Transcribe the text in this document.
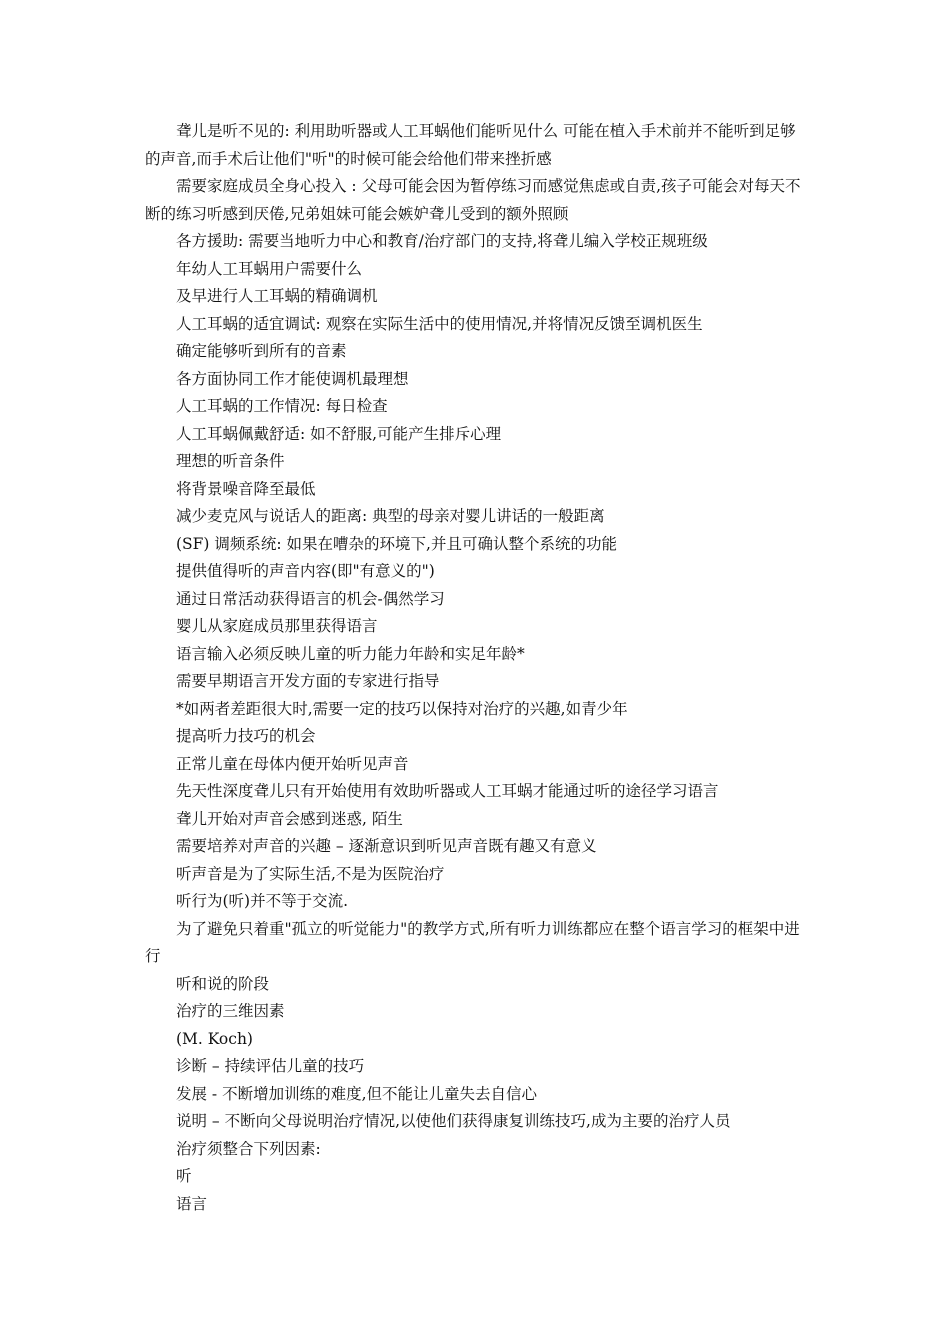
聋儿是听不见的: 利用助听器或人工耳蜗他们能听见什么 可能在植入手术前并不能听到足够的声音,而手术后让他们"听"的时候可能会给他们带来挫折感

需要家庭成员全身心投入 : 父母可能会因为暂停练习而感觉焦虑或自责,孩子可能会对每天不断的练习听感到厌倦,兄弟姐妹可能会嫉妒聋儿受到的额外照顾

各方援助: 需要当地听力中心和教育/治疗部门的支持,将聋儿编入学校正规班级

年幼人工耳蜗用户需要什么

及早进行人工耳蜗的精确调机

人工耳蜗的适宜调试: 观察在实际生活中的使用情况,并将情况反馈至调机医生

确定能够听到所有的音素

各方面协同工作才能使调机最理想

人工耳蜗的工作情况: 每日检查

人工耳蜗佩戴舒适: 如不舒服,可能产生排斥心理

理想的听音条件

将背景噪音降至最低

减少麦克风与说话人的距离: 典型的母亲对婴儿讲话的一般距离

(SF) 调频系统: 如果在嘈杂的环境下,并且可确认整个系统的功能

提供值得听的声音内容(即"有意义的")

通过日常活动获得语言的机会-偶然学习

婴儿从家庭成员那里获得语言

语言输入必须反映儿童的听力能力年龄和实足年龄*

需要早期语言开发方面的专家进行指导

*如两者差距很大时,需要一定的技巧以保持对治疗的兴趣,如青少年

提高听力技巧的机会

正常儿童在母体内便开始听见声音

先天性深度聋儿只有开始使用有效助听器或人工耳蜗才能通过听的途径学习语言

聋儿开始对声音会感到迷惑, 陌生

需要培养对声音的兴趣 – 逐渐意识到听见声音既有趣又有意义

听声音是为了实际生活,不是为医院治疗

听行为(听)并不等于交流.

为了避免只着重"孤立的听觉能力"的教学方式,所有听力训练都应在整个语言学习的框架中进行

听和说的阶段

治疗的三维因素

(M. Koch)

诊断 – 持续评估儿童的技巧

发展 - 不断增加训练的难度,但不能让儿童失去自信心

说明 – 不断向父母说明治疗情况,以使他们获得康复训练技巧,成为主要的治疗人员

治疗须整合下列因素:

听

语言
